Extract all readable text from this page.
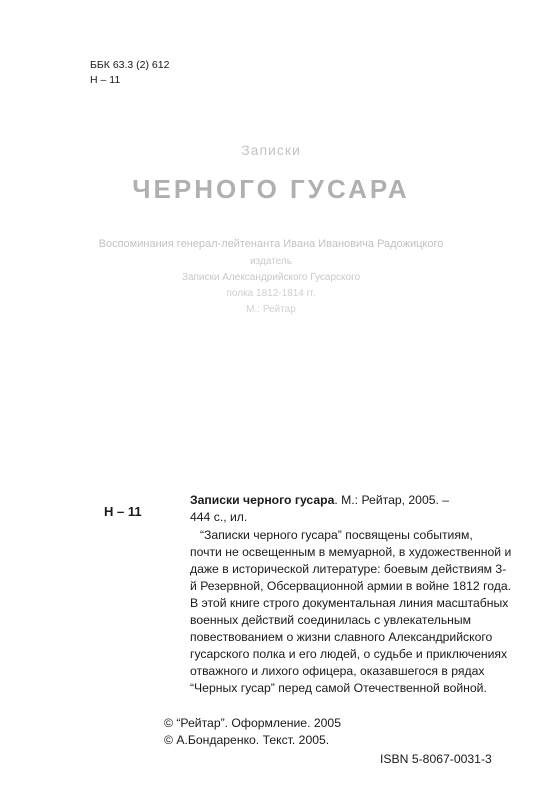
ББК 63.3 (2) 612
Н – 11
Записки
ЧЕРНОГО ГУСАРА
Воспоминания генерал-лейтенанта Ивана Ивановича Радожицкого
издатель
Записки Александрийского Гусарского
полка 1812-1814 гг.
М.: Рейтар
Н – 11
Записки черного гусара. М.: Рейтар, 2005. –
444 с., ил.
“Записки черного гусара” посвящены событиям,
почти не освещенным в мемуарной, в художественной и
даже в исторической литературе: боевым действиям 3-
й Резервной, Обсервационной армии в войне 1812 года.
В этой книге строго документальная линия масштабных
военных действий соединилась с увлекательным
повествованием о жизни славного Александрийского
гусарского полка и его людей, о судьбе и приключениях
отважного и лихого офицера, оказавшегося в рядах
“Черных гусар” перед самой Отечественной войной.
© “Рейтар”. Оформление. 2005
© А.Бондаренко. Текст. 2005.
ISBN 5-8067-0031-3
